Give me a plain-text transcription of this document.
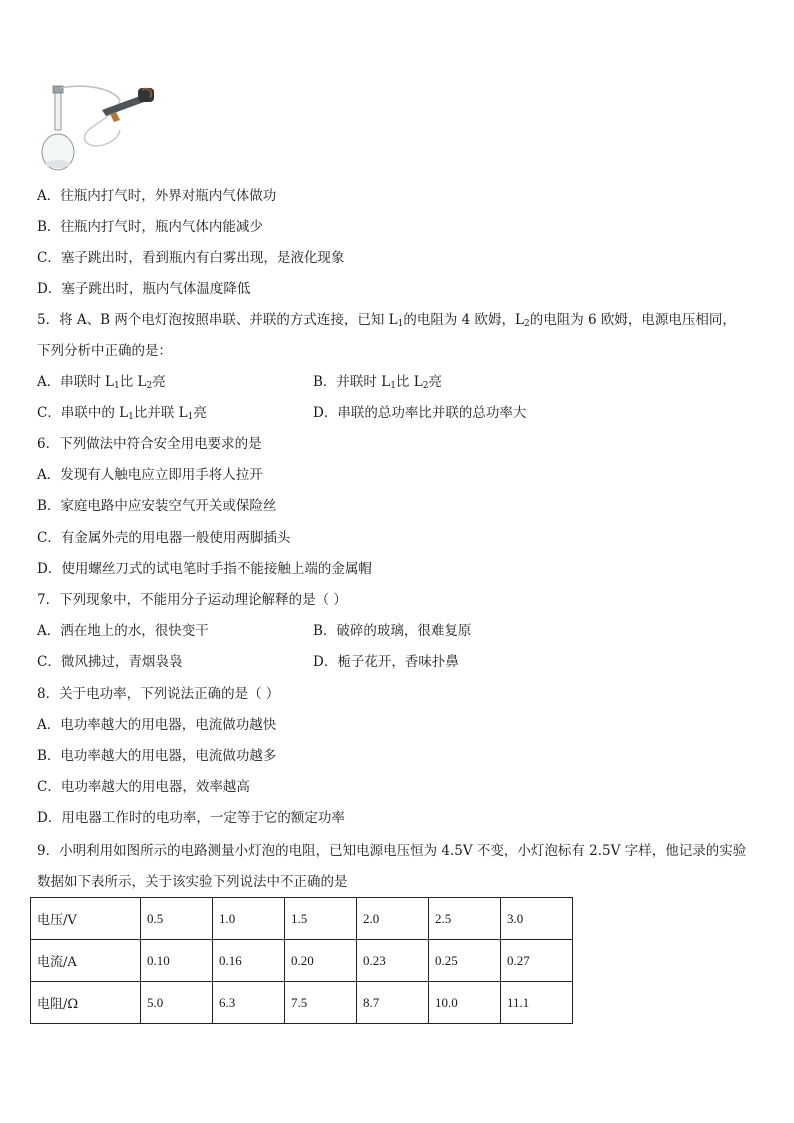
A．往瓶内打气时，外界对瓶内气体做功
B．往瓶内打气时，瓶内气体内能减少
C．塞子跳出时，看到瓶内有白雾出现，是液化现象
D．塞子跳出时，瓶内气体温度降低
5．将 A、B 两个电灯泡按照串联、并联的方式连接，已知 $L_1$的电阻为 4 欧姆，$L_2$的电阻为 6 欧姆，电源电压相同，
下列分析中正确的是：
A．串联时 $L_1$比 $L_2$亮	B．并联时 $L_1$比 $L_2$亮
C．串联中的 $L_1$比并联 $L_1$亮	D．串联的总功率比并联的总功率大
6．下列做法中符合安全用电要求的是
A．发现有人触电应立即用手将人拉开
B．家庭电路中应安装空气开关或保险丝
C．有金属外壳的用电器一般使用两脚插头
D．使用螺丝刀式的试电笔时手指不能接触上端的金属帽
7．下列现象中，不能用分子运动理论解释的是（ ）
A．洒在地上的水，很快变干	B．破碎的玻璃，很难复原
C．微风拂过，青烟袅袅	D．栀子花开，香味扑鼻
8．关于电功率，下列说法正确的是（ ）
A．电功率越大的用电器，电流做功越快
B．电功率越大的用电器，电流做功越多
C．电功率越大的用电器，效率越高
D．用电器工作时的电功率，一定等于它的额定功率
9．小明利用如图所示的电路测量小灯泡的电阻，已知电源电压恒为 4.5V 不变，小灯泡标有 2.5V 字样，他记录的实验
数据如下表所示，关于该实验下列说法中不正确的是
电压/V	0.5	1.0	1.5	2.0	2.5	3.0
电流/A	0.10	0.16	0.20	0.23	0.25	0.27
电阻/Ω	5.0	6.3	7.5	8.7	10.0	11.1
